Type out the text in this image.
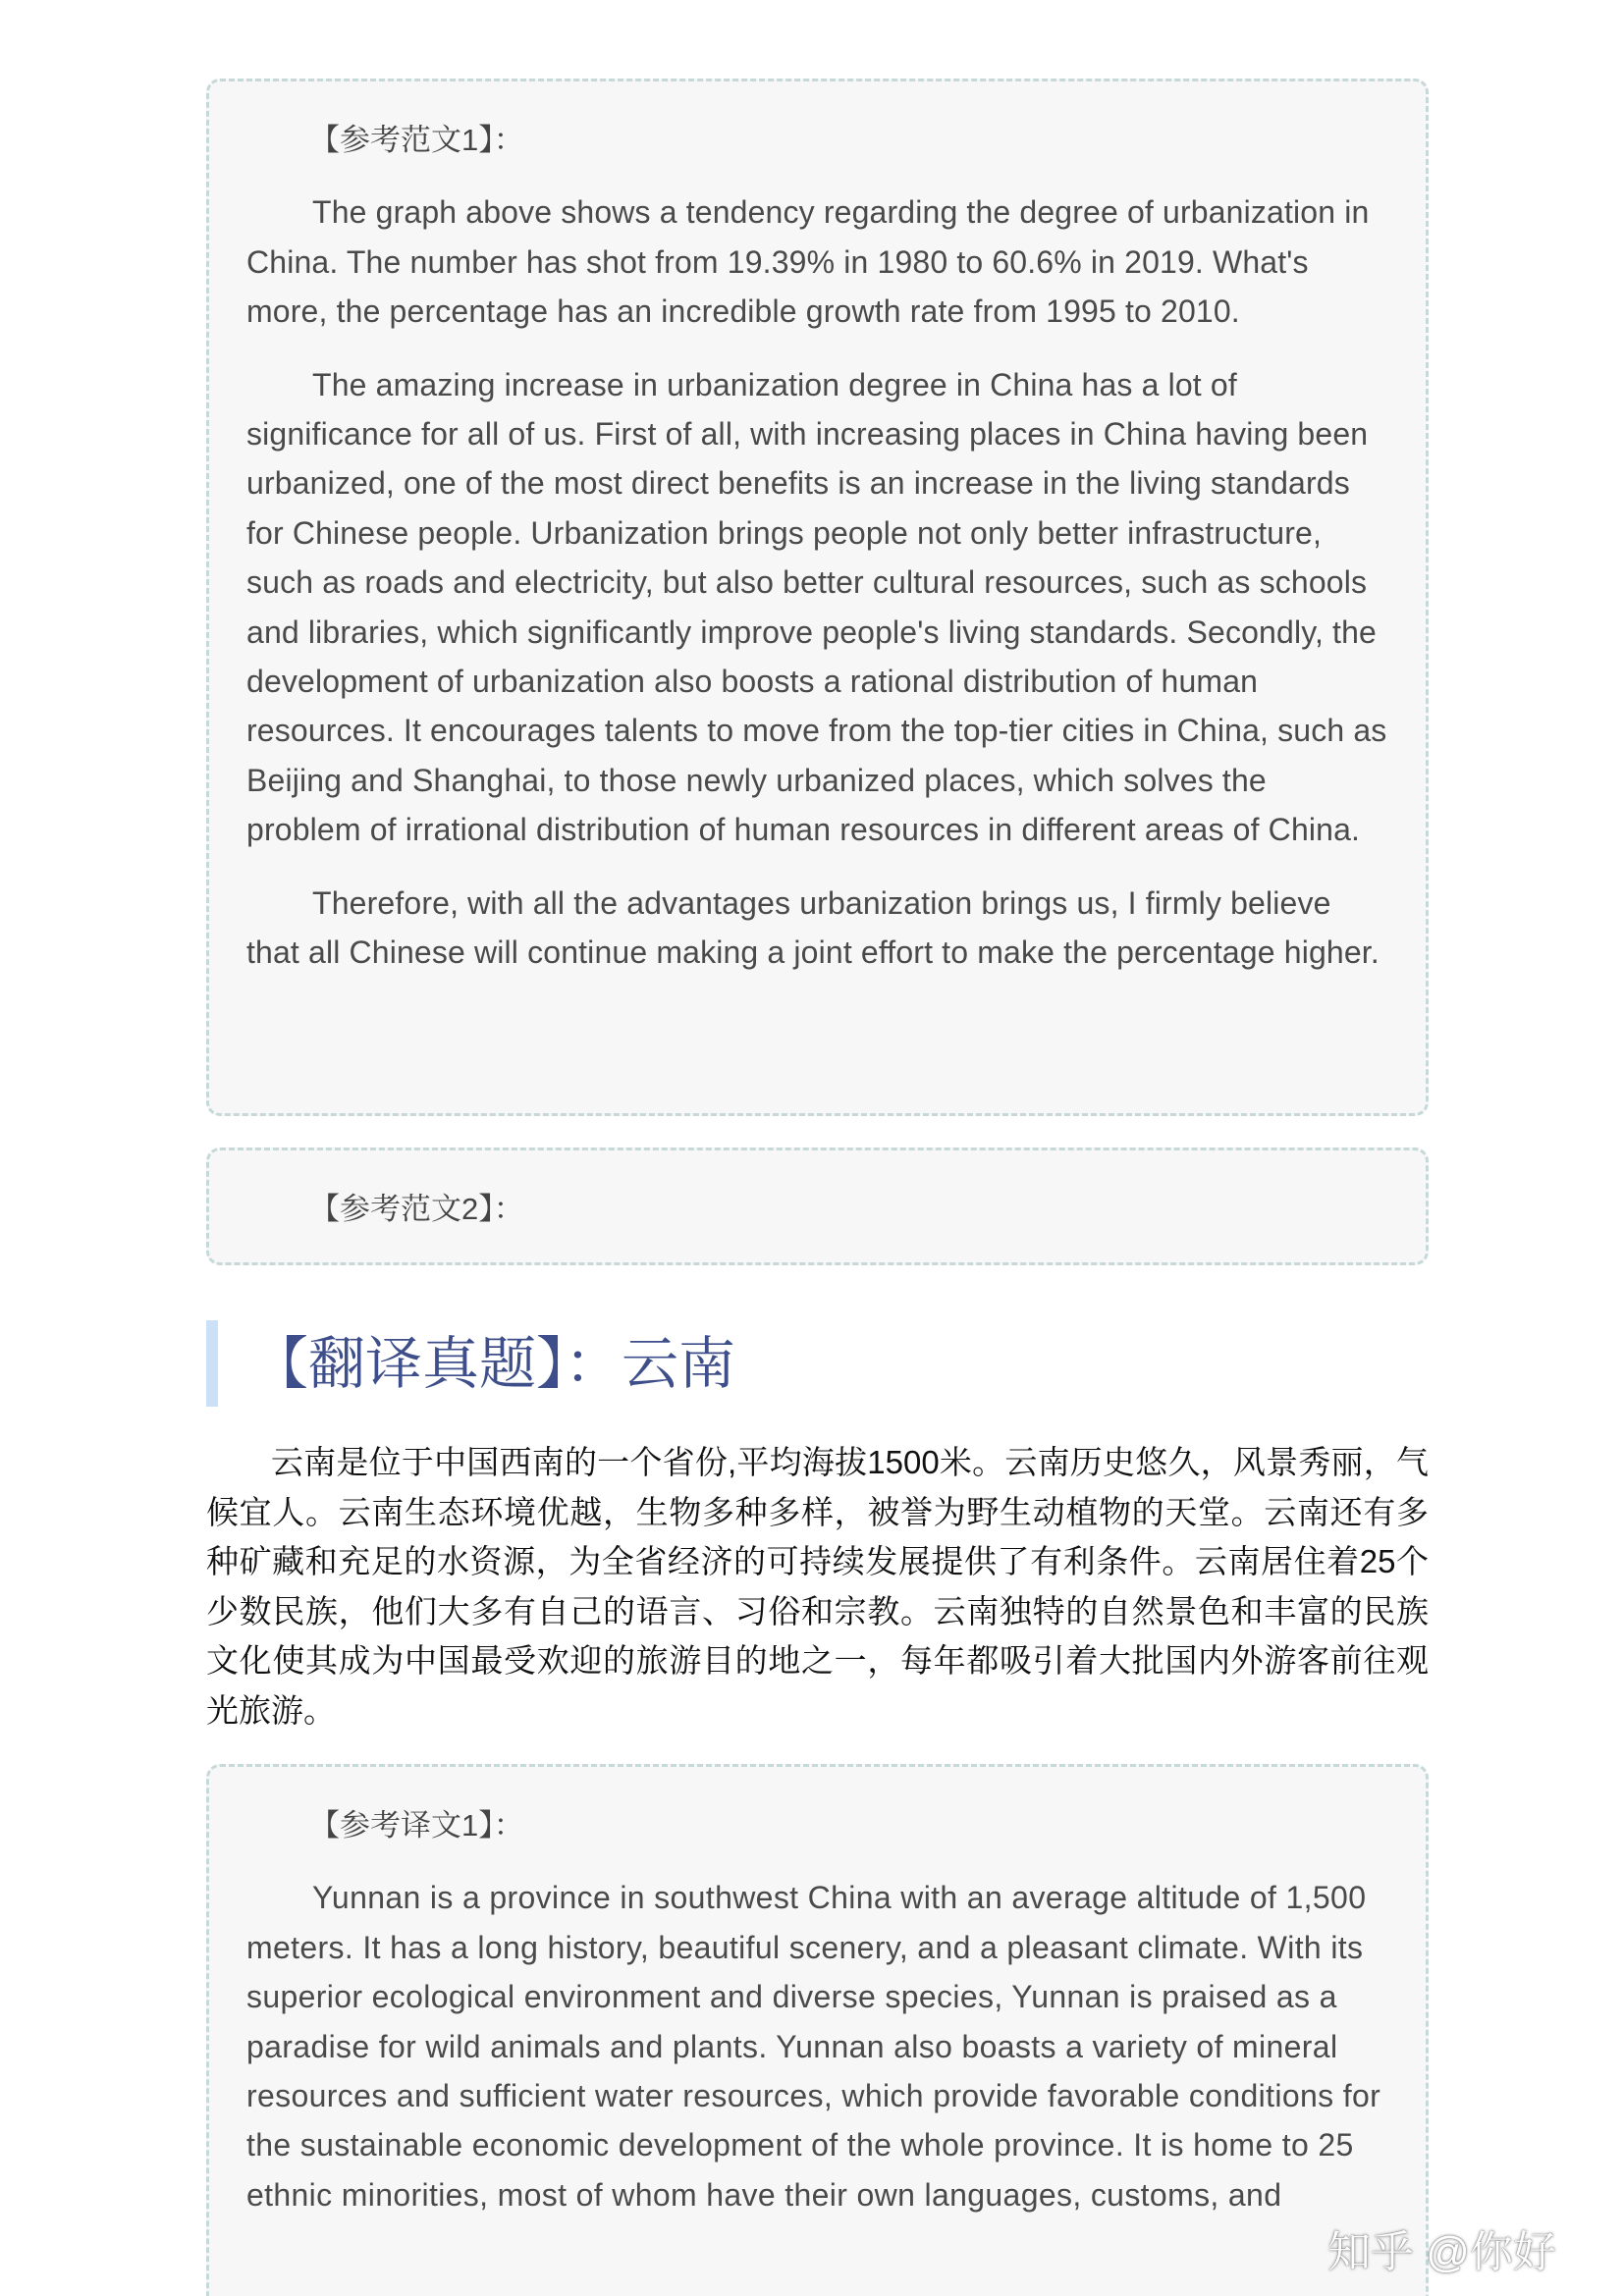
【参考范文1】：

The graph above shows a tendency regarding the degree of urbanization in China. The number has shot from 19.39% in 1980 to 60.6% in 2019. What's more, the percentage has an incredible growth rate from 1995 to 2010.

The amazing increase in urbanization degree in China has a lot of significance for all of us. First of all, with increasing places in China having been urbanized, one of the most direct benefits is an increase in the living standards for Chinese people. Urbanization brings people not only better infrastructure, such as roads and electricity, but also better cultural resources, such as schools and libraries, which significantly improve people's living standards. Secondly, the development of urbanization also boosts a rational distribution of human resources. It encourages talents to move from the top-tier cities in China, such as Beijing and Shanghai, to those newly urbanized places, which solves the problem of irrational distribution of human resources in different areas of China.

Therefore, with all the advantages urbanization brings us, I firmly believe that all Chinese will continue making a joint effort to make the percentage higher.

【参考范文2】：
【翻译真题】：云南

云南是位于中国西南的一个省份,平均海拔1500米。云南历史悠久，风景秀丽，气候宜人。云南生态环境优越，生物多种多样，被誉为野生动植物的天堂。云南还有多种矿藏和充足的水资源，为全省经济的可持续发展提供了有利条件。云南居住着25个少数民族，他们大多有自己的语言、习俗和宗教。云南独特的自然景色和丰富的民族文化使其成为中国最受欢迎的旅游目的地之一，每年都吸引着大批国内外游客前往观光旅游。

【参考译文1】：

Yunnan is a province in southwest China with an average altitude of 1,500 meters. It has a long history, beautiful scenery, and a pleasant climate. With its superior ecological environment and diverse species, Yunnan is praised as a paradise for wild animals and plants. Yunnan also boasts a variety of mineral resources and sufficient water resources, which provide favorable conditions for the sustainable economic development of the whole province. It is home to 25 ethnic minorities, most of whom have their own languages, customs, and

知乎 @你好
